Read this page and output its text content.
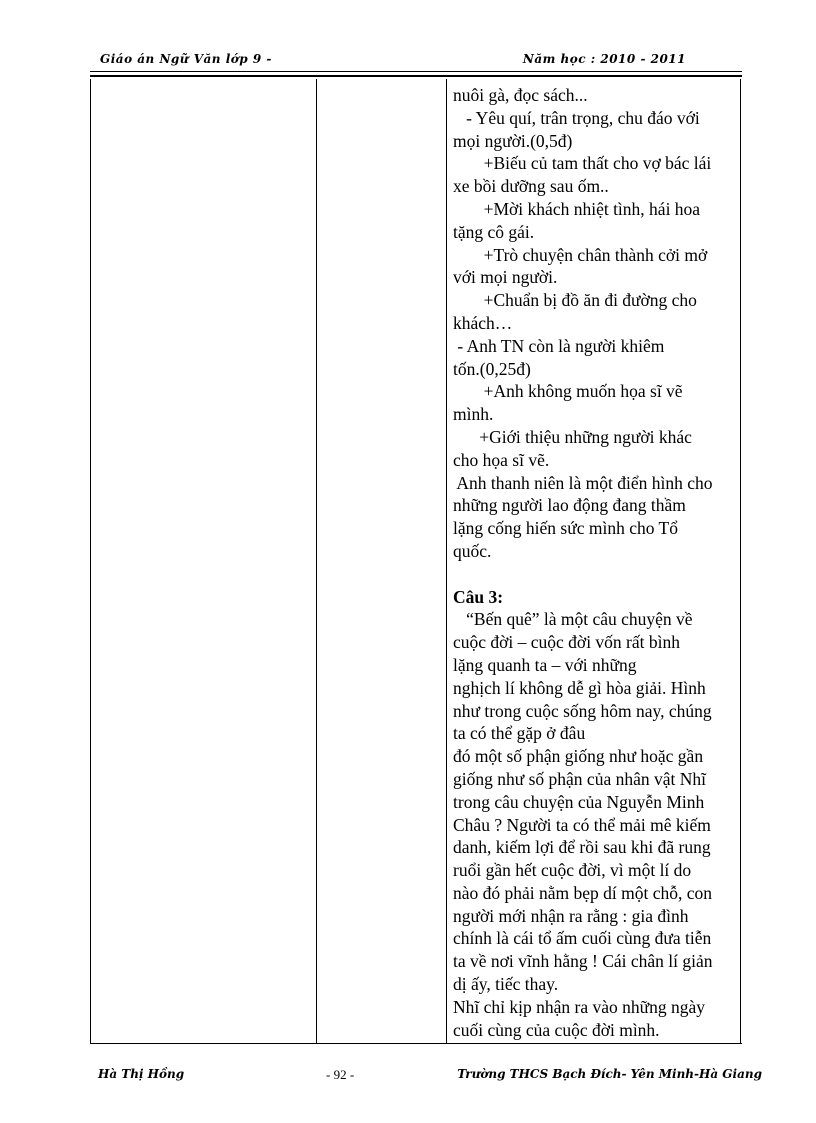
Giáo án Ngữ Văn lớp 9 -	Năm học : 2010 - 2011
nuôi gà, đọc sách...
- Yêu quí, trân trọng, chu đáo với
mọi người.(0,5đ)
+Biếu củ tam thất cho vợ bác lái
xe bồi dưỡng sau ốm..
+Mời khách nhiệt tình, hái hoa
tặng cô gái.
+Trò chuyện chân thành cởi mở
với mọi người.
+Chuẩn bị đồ ăn đi đường cho
khách…
- Anh TN còn là người khiêm
tốn.(0,25đ)
+Anh không muốn họa sĩ vẽ
mình.
+Giới thiệu những người khác
cho họa sĩ vẽ.
Anh thanh niên là một điển hình cho
những người lao động đang thầm
lặng cống hiến sức mình cho Tổ
quốc.
Câu 3:
“Bến quê” là một câu chuyện về
cuộc đời – cuộc đời vốn rất bình
lặng quanh ta – với những
nghịch lí không dễ gì hòa giải. Hình
như trong cuộc sống hôm nay, chúng
ta có thể gặp ở đâu
đó một số phận giống như hoặc gần
giống như số phận của nhân vật Nhĩ
trong câu chuyện của Nguyễn Minh
Châu ? Người ta có thể mải mê kiếm
danh, kiếm lợi để rồi sau khi đã rung
ruổi gần hết cuộc đời, vì một lí do
nào đó phải nằm bẹp dí một chỗ, con
người mới nhận ra rằng : gia đình
chính là cái tổ ấm cuối cùng đưa tiễn
ta về nơi vĩnh hằng ! Cái chân lí giản
dị ấy, tiếc thay.
Nhĩ chỉ kịp nhận ra vào những ngày
cuối cùng của cuộc đời mình.
Hà Thị Hồng	- 92 -	Trường THCS Bạch Đích- Yên Minh-Hà Giang
